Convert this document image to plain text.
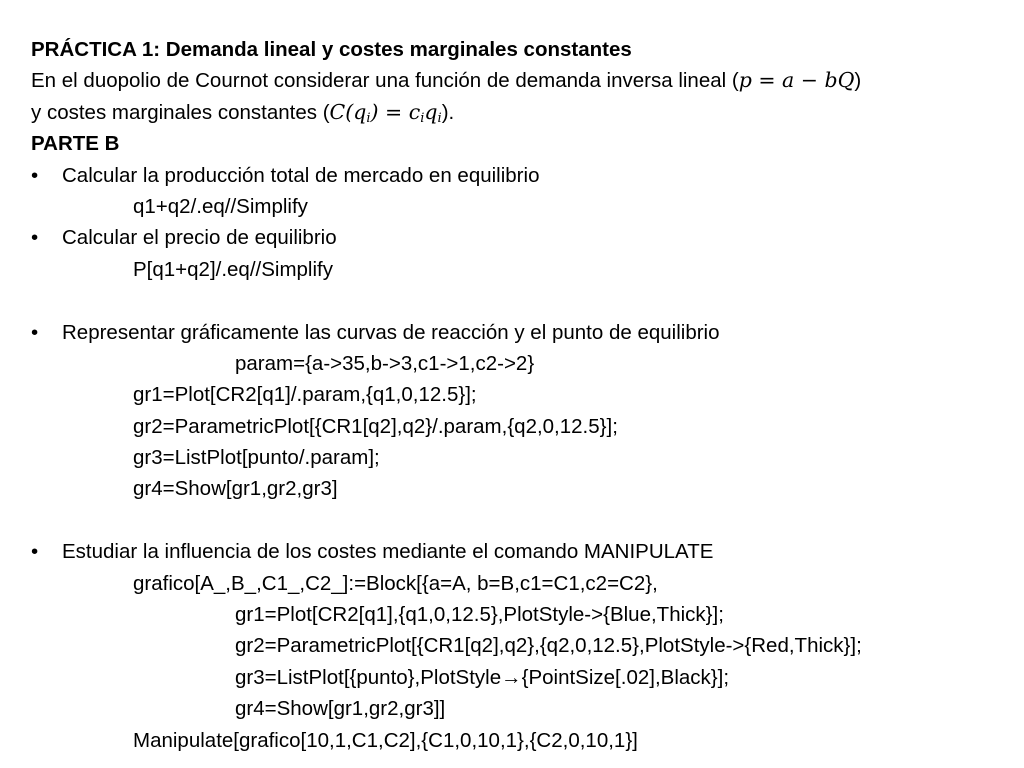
PRÁCTICA 1: Demanda lineal y costes marginales constantes
En el duopolio de Cournot considerar una función de demanda inversa lineal (p = a − bQ)
y costes marginales constantes $(C(q_i) = c_iq_i)$.
PARTE B
• Calcular la producción total de mercado en equilibrio
q1+q2/.eq//Simplify
• Calcular el precio de equilibrio
P[q1+q2]/.eq//Simplify
• Representar gráficamente las curvas de reacción y el punto de equilibrio
param={a->35,b->3,c1->1,c2->2}
gr1=Plot[CR2[q1]/.param,{q1,0,12.5}];
gr2=ParametricPlot[{CR1[q2],q2}/.param,{q2,0,12.5}];
gr3=ListPlot[punto/.param];
gr4=Show[gr1,gr2,gr3]
• Estudiar la influencia de los costes mediante el comando MANIPULATE
grafico[A_,B_,C1_,C2_]:=Block[{a=A, b=B,c1=C1,c2=C2},
gr1=Plot[CR2[q1],{q1,0,12.5},PlotStyle->{Blue,Thick}];
gr2=ParametricPlot[{CR1[q2],q2},{q2,0,12.5},PlotStyle->{Red,Thick}];
gr3=ListPlot[{punto},PlotStyle→{PointSize[.02],Black}];
gr4=Show[gr1,gr2,gr3]]
Manipulate[grafico[10,1,C1,C2],{C1,0,10,1},{C2,0,10,1}]
